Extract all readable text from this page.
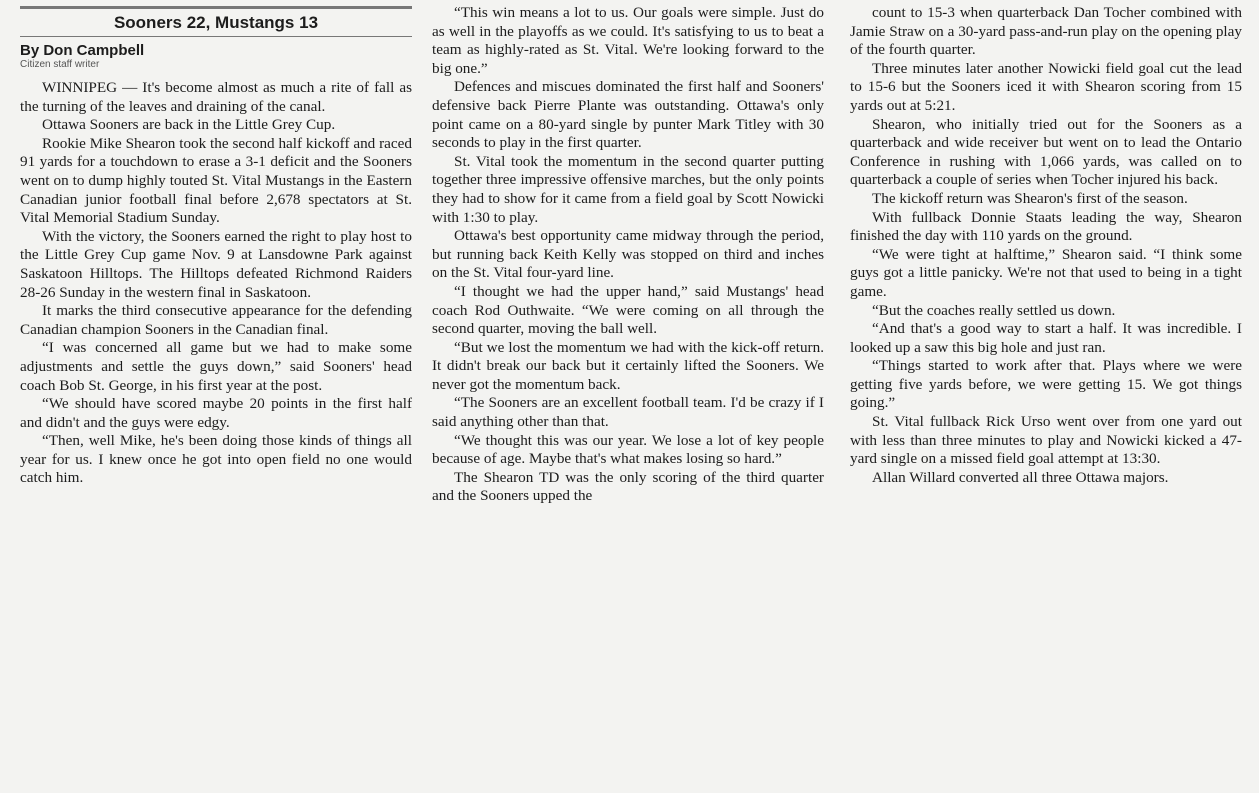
Sooners 22, Mustangs 13
By Don Campbell
Citizen staff writer

WINNIPEG — It's become almost as much a rite of fall as the turning of the leaves and draining of the canal.

Ottawa Sooners are back in the Little Grey Cup.

Rookie Mike Shearon took the second half kickoff and raced 91 yards for a touchdown to erase a 3-1 deficit and the Sooners went on to dump highly touted St. Vital Mustangs in the Eastern Canadian junior football final before 2,678 spectators at St. Vital Memorial Stadium Sunday.

With the victory, the Sooners earned the right to play host to the Little Grey Cup game Nov. 9 at Lansdowne Park against Saskatoon Hilltops. The Hilltops defeated Richmond Raiders 28-26 Sunday in the western final in Saskatoon.

It marks the third consecutive appearance for the defending Canadian champion Sooners in the Canadian final.

“I was concerned all game but we had to make some adjustments and settle the guys down,” said Sooners' head coach Bob St. George, in his first year at the post.

“We should have scored maybe 20 points in the first half and didn't and the guys were edgy.

“Then, well Mike, he's been doing those kinds of things all year for us. I knew once he got into open field no one would catch him.

“This win means a lot to us. Our goals were simple. Just do as well in the playoffs as we could. It's satisfying to us to beat a team as highly-rated as St. Vital. We're looking forward to the big one.”

Defences and miscues dominated the first half and Sooners' defensive back Pierre Plante was outstanding. Ottawa's only point came on a 80-yard single by punter Mark Titley with 30 seconds to play in the first quarter.

St. Vital took the momentum in the second quarter putting together three impressive offensive marches, but the only points they had to show for it came from a field goal by Scott Nowicki with 1:30 to play.

Ottawa's best opportunity came midway through the period, but running back Keith Kelly was stopped on third and inches on the St. Vital four-yard line.

“I thought we had the upper hand,” said Mustangs' head coach Rod Outhwaite. “We were coming on all through the second quarter, moving the ball well.

“But we lost the momentum we had with the kick-off return. It didn't break our back but it certainly lifted the Sooners. We never got the momentum back.

“The Sooners are an excellent football team. I'd be crazy if I said anything other than that.

“We thought this was our year. We lose a lot of key people because of age. Maybe that's what makes losing so hard.”

The Shearon TD was the only scoring of the third quarter and the Sooners upped the

count to 15-3 when quarterback Dan Tocher combined with Jamie Straw on a 30-yard pass-and-run play on the opening play of the fourth quarter.

Three minutes later another Nowicki field goal cut the lead to 15-6 but the Sooners iced it with Shearon scoring from 15 yards out at 5:21.

Shearon, who initially tried out for the Sooners as a quarterback and wide receiver but went on to lead the Ontario Conference in rushing with 1,066 yards, was called on to quarterback a couple of series when Tocher injured his back.

The kickoff return was Shearon's first of the season.

With fullback Donnie Staats leading the way, Shearon finished the day with 110 yards on the ground.

“We were tight at halftime,” Shearon said. “I think some guys got a little panicky. We're not that used to being in a tight game.

“But the coaches really settled us down.

“And that's a good way to start a half. It was incredible. I looked up a saw this big hole and just ran.

“Things started to work after that. Plays where we were getting five yards before, we were getting 15. We got things going.”

St. Vital fullback Rick Urso went over from one yard out with less than three minutes to play and Nowicki kicked a 47-yard single on a missed field goal attempt at 13:30.

Allan Willard converted all three Ottawa majors.
